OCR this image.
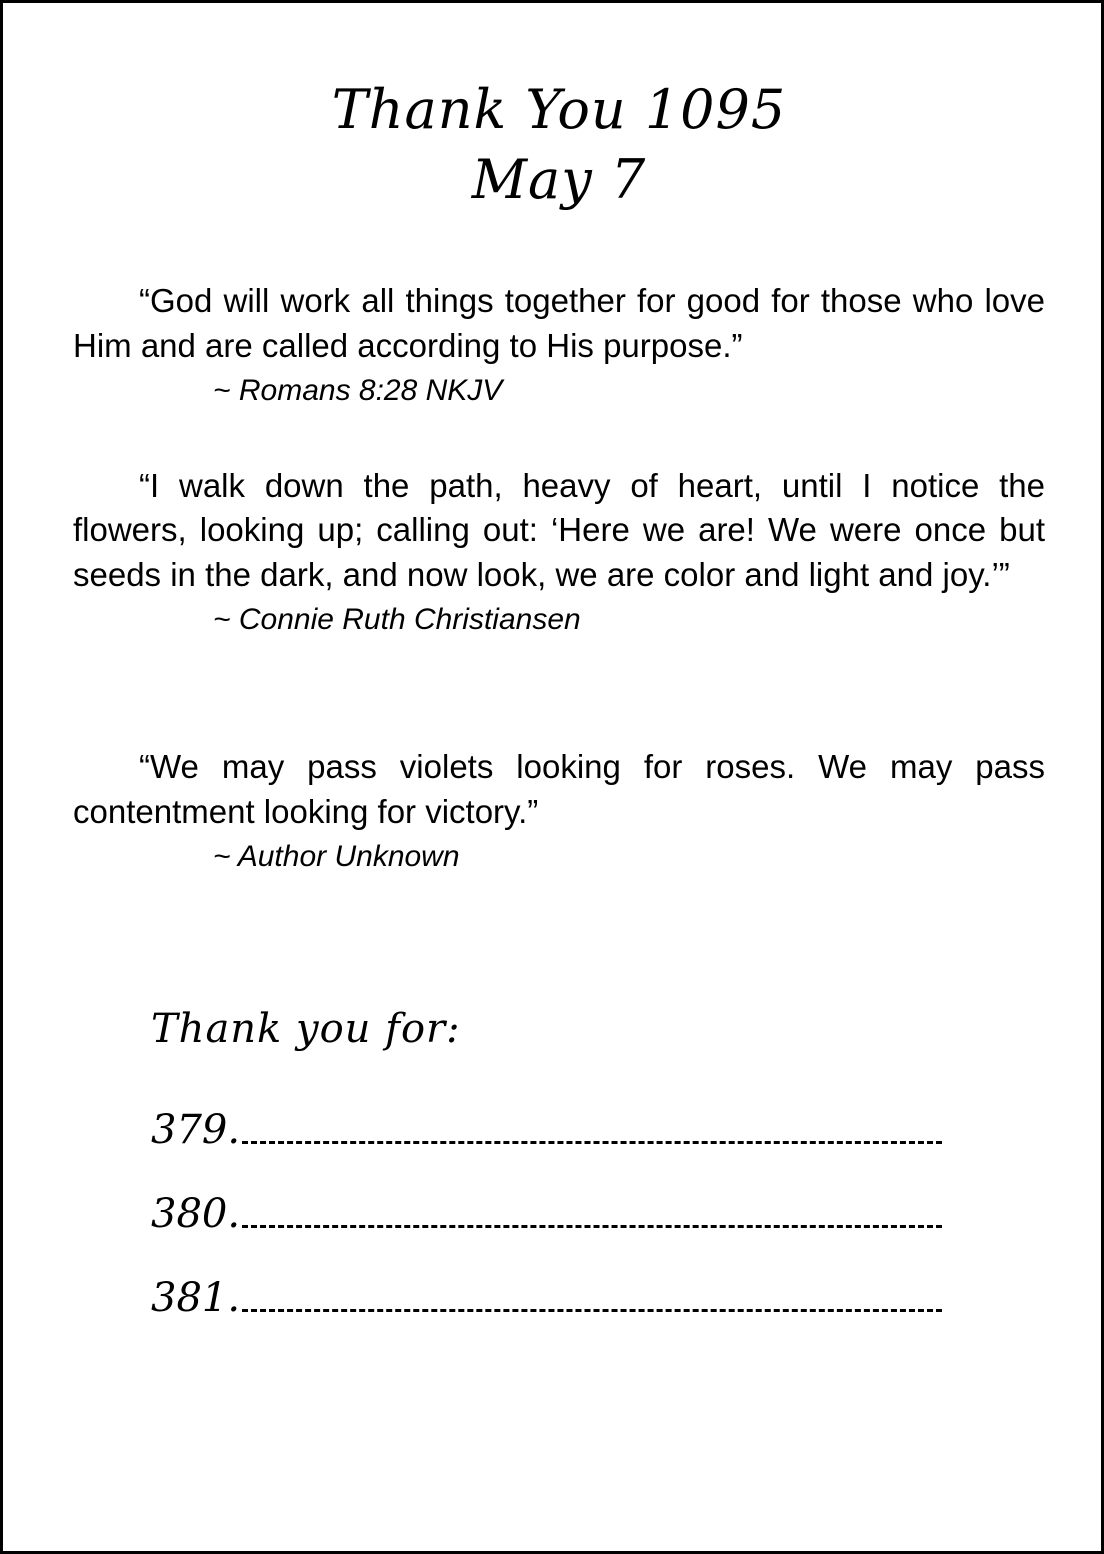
Thank You 1095
May 7

“God will work all things together for good for those who love Him and are called according to His purpose.”

~ Romans 8:28 NKJV

“I walk down the path, heavy of heart, until I notice the flowers, looking up; calling out: ‘Here we are! We were once but seeds in the dark, and now look, we are color and light and joy.’”

~ Connie Ruth Christiansen

“We may pass violets looking for roses. We may pass contentment looking for victory.”

~ Author Unknown

Thank you for:
379.
380.
381.
